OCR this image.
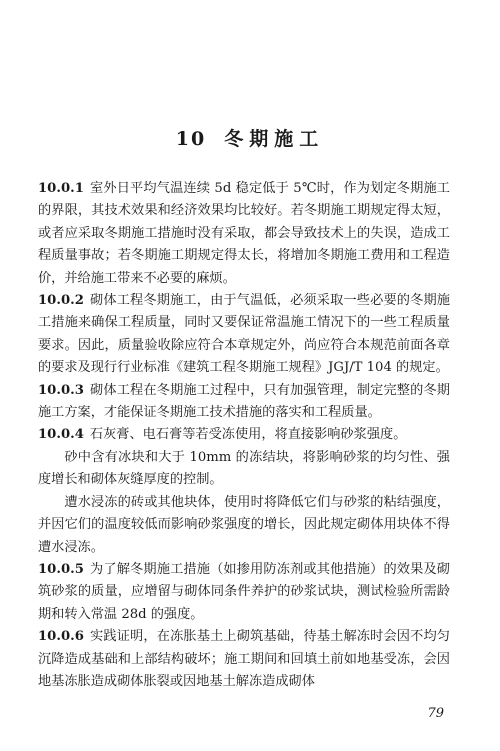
10 冬期施工

10.0.1 室外日平均气温连续 5d 稳定低于 5℃时，作为划定冬期施工的界限，其技术效果和经济效果均比较好。若冬期施工期规定得太短，或者应采取冬期施工措施时没有采取，都会导致技术上的失误，造成工程质量事故；若冬期施工期规定得太长，将增加冬期施工费用和工程造价，并给施工带来不必要的麻烦。

10.0.2 砌体工程冬期施工，由于气温低，必须采取一些必要的冬期施工措施来确保工程质量，同时又要保证常温施工情况下的一些工程质量要求。因此，质量验收除应符合本章规定外，尚应符合本规范前面各章的要求及现行行业标准《建筑工程冬期施工规程》JGJ/T 104 的规定。

10.0.3 砌体工程在冬期施工过程中，只有加强管理，制定完整的冬期施工方案，才能保证冬期施工技术措施的落实和工程质量。

10.0.4 石灰膏、电石膏等若受冻使用，将直接影响砂浆强度。

砂中含有冰块和大于 10mm 的冻结块，将影响砂浆的均匀性、强度增长和砌体灰缝厚度的控制。

遭水浸冻的砖或其他块体，使用时将降低它们与砂浆的粘结强度，并因它们的温度较低而影响砂浆强度的增长，因此规定砌体用块体不得遭水浸冻。

10.0.5 为了解冬期施工措施（如掺用防冻剂或其他措施）的效果及砌筑砂浆的质量，应增留与砌体同条件养护的砂浆试块，测试检验所需龄期和转入常温 28d 的强度。

10.0.6 实践证明，在冻胀基土上砌筑基础，待基土解冻时会因不均匀沉降造成基础和上部结构破坏；施工期间和回填土前如地基受冻，会因地基冻胀造成砌体胀裂或因地基土解冻造成砌体

79
